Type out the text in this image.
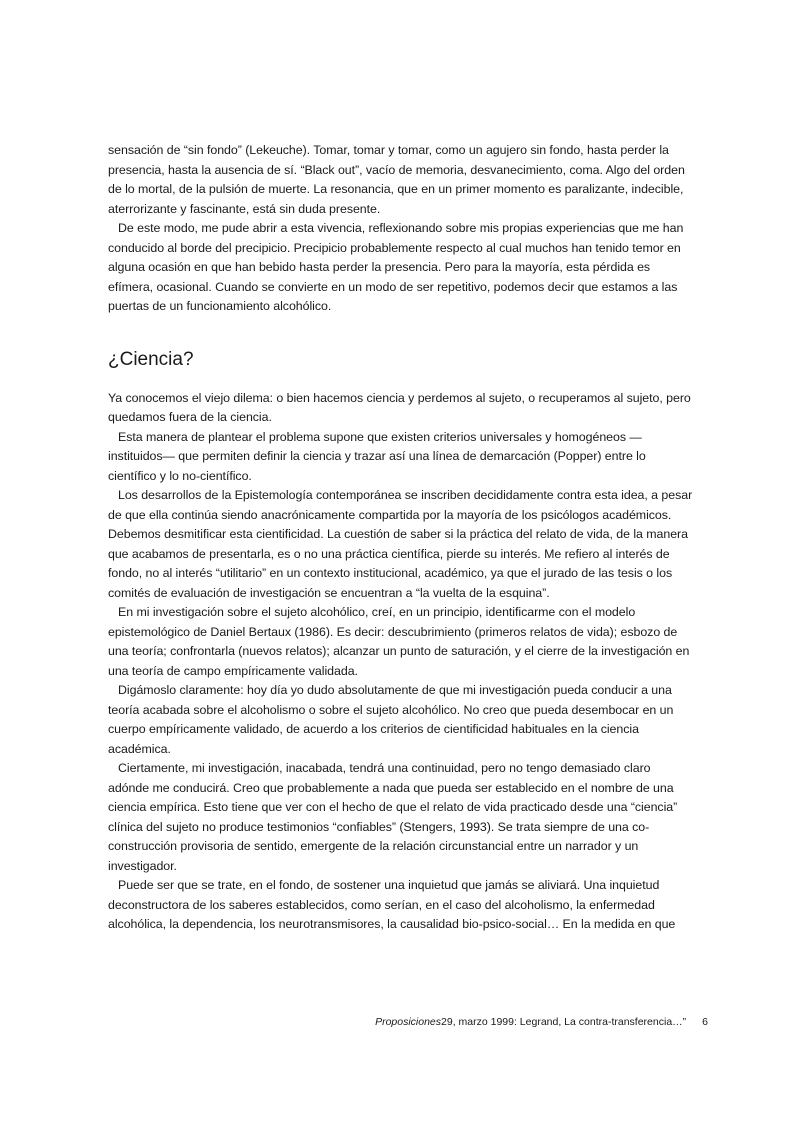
sensación de “sin fondo” (Lekeuche). Tomar, tomar y tomar, como un agujero sin fondo, hasta perder la presencia, hasta la ausencia de sí. “Black out”, vacío de memoria, desvanecimiento, coma. Algo del orden de lo mortal, de la pulsión de muerte. La resonancia, que en un primer momento es paralizante, indecible, aterrorizante y fascinante, está sin duda presente.

De este modo, me pude abrir a esta vivencia, reflexionando sobre mis propias experiencias que me han conducido al borde del precipicio. Precipicio probablemente respecto al cual muchos han tenido temor en alguna ocasión en que han bebido hasta perder la presencia. Pero para la mayoría, esta pérdida es efímera, ocasional. Cuando se convierte en un modo de ser repetitivo, podemos decir que estamos a las puertas de un funcionamiento alcohólico.

¿Ciencia?

Ya conocemos el viejo dilema: o bien hacemos ciencia y perdemos al sujeto, o recuperamos al sujeto, pero quedamos fuera de la ciencia.

Esta manera de plantear el problema supone que existen criterios universales y homogéneos —instituidos— que permiten definir la ciencia y trazar así una línea de demarcación (Popper) entre lo científico y lo no-científico.

Los desarrollos de la Epistemología contemporánea se inscriben decididamente contra esta idea, a pesar de que ella continúa siendo anacrónicamente compartida por la mayoría de los psicólogos académicos. Debemos desmitificar esta cientificidad. La cuestión de saber si la práctica del relato de vida, de la manera que acabamos de presentarla, es o no una práctica científica, pierde su interés. Me refiero al interés de fondo, no al interés “utilitario” en un contexto institucional, académico, ya que el jurado de las tesis o los comités de evaluación de investigación se encuentran a “la vuelta de la esquina”.

En mi investigación sobre el sujeto alcohólico, creí, en un principio, identificarme con el modelo epistemológico de Daniel Bertaux (1986). Es decir: descubrimiento (primeros relatos de vida); esbozo de una teoría; confrontarla (nuevos relatos); alcanzar un punto de saturación, y el cierre de la investigación en una teoría de campo empíricamente validada.

Digámoslo claramente: hoy día yo dudo absolutamente de que mi investigación pueda conducir a una teoría acabada sobre el alcoholismo o sobre el sujeto alcohólico. No creo que pueda desembocar en un cuerpo empíricamente validado, de acuerdo a los criterios de cientificidad habituales en la ciencia académica.

Ciertamente, mi investigación, inacabada, tendrá una continuidad, pero no tengo demasiado claro adónde me conducirá. Creo que probablemente a nada que pueda ser establecido en el nombre de una ciencia empírica. Esto tiene que ver con el hecho de que el relato de vida practicado desde una “ciencia” clínica del sujeto no produce testimonios “confiables” (Stengers, 1993). Se trata siempre de una co-construcción provisoria de sentido, emergente de la relación circunstancial entre un narrador y un investigador.

Puede ser que se trate, en el fondo, de sostener una inquietud que jamás se aliviará. Una inquietud deconstructora de los saberes establecidos, como serían, en el caso del alcoholismo, la enfermedad alcohólica, la dependencia, los neurotransmisores, la causalidad bio-psico-social… En la medida en que

Proposiciones29, marzo 1999: Legrand, La contra-transferencia…” 6
